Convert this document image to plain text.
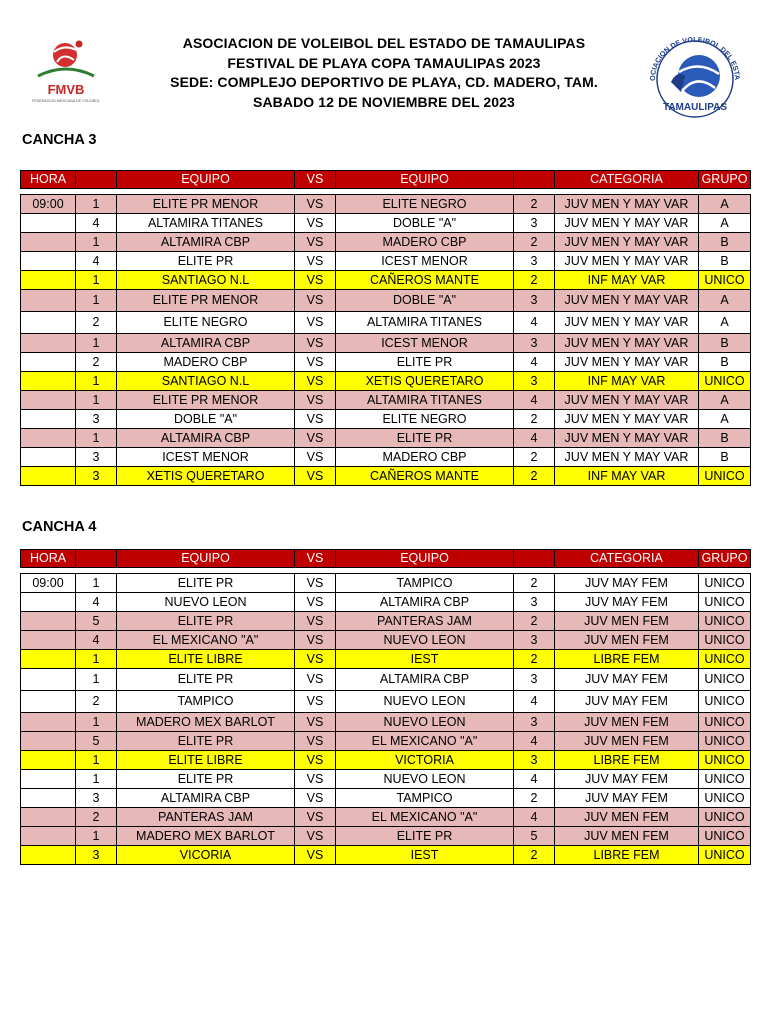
FMVB
FEDERACION MEXICANA DE VOLEIBOL
OCIACION DE VOLEIBOL DEL ESTA
TAMAULIPAS
ASOCIACION DE VOLEIBOL DEL ESTADO DE TAMAULIPAS
FESTIVAL DE PLAYA COPA TAMAULIPAS 2023
SEDE: COMPLEJO DEPORTIVO DE PLAYA, CD. MADERO, TAM.
SABADO 12 DE NOVIEMBRE DEL 2023
CANCHA 3
HORA		EQUIPO	VS	EQUIPO		CATEGORIA	GRUPO

09:00	1	ELITE PR MENOR	VS	ELITE NEGRO	2	JUV MEN Y MAY VAR	A
	4	ALTAMIRA TITANES	VS	DOBLE "A"	3	JUV MEN Y MAY VAR	A
	1	ALTAMIRA CBP	VS	MADERO CBP	2	JUV MEN Y MAY VAR	B
	4	ELITE PR	VS	ICEST MENOR	3	JUV MEN Y MAY VAR	B
	1	SANTIAGO N.L	VS	CAÑEROS MANTE	2	INF MAY VAR	UNICO
	1	ELITE PR MENOR	VS	DOBLE "A"	3	JUV MEN Y MAY VAR	A
	2	ELITE NEGRO	VS	ALTAMIRA TITANES	4	JUV MEN Y MAY VAR	A
	1	ALTAMIRA CBP	VS	ICEST MENOR	3	JUV MEN Y MAY VAR	B
	2	MADERO CBP	VS	ELITE PR	4	JUV MEN Y MAY VAR	B
	1	SANTIAGO N.L	VS	XETIS QUERETARO	3	INF MAY VAR	UNICO
	1	ELITE PR MENOR	VS	ALTAMIRA TITANES	4	JUV MEN Y MAY VAR	A
	3	DOBLE "A"	VS	ELITE NEGRO	2	JUV MEN Y MAY VAR	A
	1	ALTAMIRA CBP	VS	ELITE PR	4	JUV MEN Y MAY VAR	B
	3	ICEST MENOR	VS	MADERO CBP	2	JUV MEN Y MAY VAR	B
	3	XETIS QUERETARO	VS	CAÑEROS MANTE	2	INF MAY VAR	UNICO
CANCHA 4
HORA		EQUIPO	VS	EQUIPO		CATEGORIA	GRUPO

09:00	1	ELITE PR	VS	TAMPICO	2	JUV MAY FEM	UNICO
	4	NUEVO LEON	VS	ALTAMIRA CBP	3	JUV MAY FEM	UNICO
	5	ELITE PR	VS	PANTERAS JAM	2	JUV MEN FEM	UNICO
	4	EL MEXICANO "A"	VS	NUEVO LEON	3	JUV MEN FEM	UNICO
	1	ELITE LIBRE	VS	IEST	2	LIBRE FEM	UNICO
	1	ELITE PR	VS	ALTAMIRA CBP	3	JUV MAY FEM	UNICO
	2	TAMPICO	VS	NUEVO LEON	4	JUV MAY FEM	UNICO
	1	MADERO MEX BARLOT	VS	NUEVO LEON	3	JUV MEN FEM	UNICO
	5	ELITE PR	VS	EL MEXICANO "A"	4	JUV MEN FEM	UNICO
	1	ELITE LIBRE	VS	VICTORIA	3	LIBRE FEM	UNICO
	1	ELITE PR	VS	NUEVO LEON	4	JUV MAY FEM	UNICO
	3	ALTAMIRA CBP	VS	TAMPICO	2	JUV MAY FEM	UNICO
	2	PANTERAS JAM	VS	EL MEXICANO "A"	4	JUV MEN FEM	UNICO
	1	MADERO MEX BARLOT	VS	ELITE PR	5	JUV MEN FEM	UNICO
	3	VICORIA	VS	IEST	2	LIBRE FEM	UNICO
